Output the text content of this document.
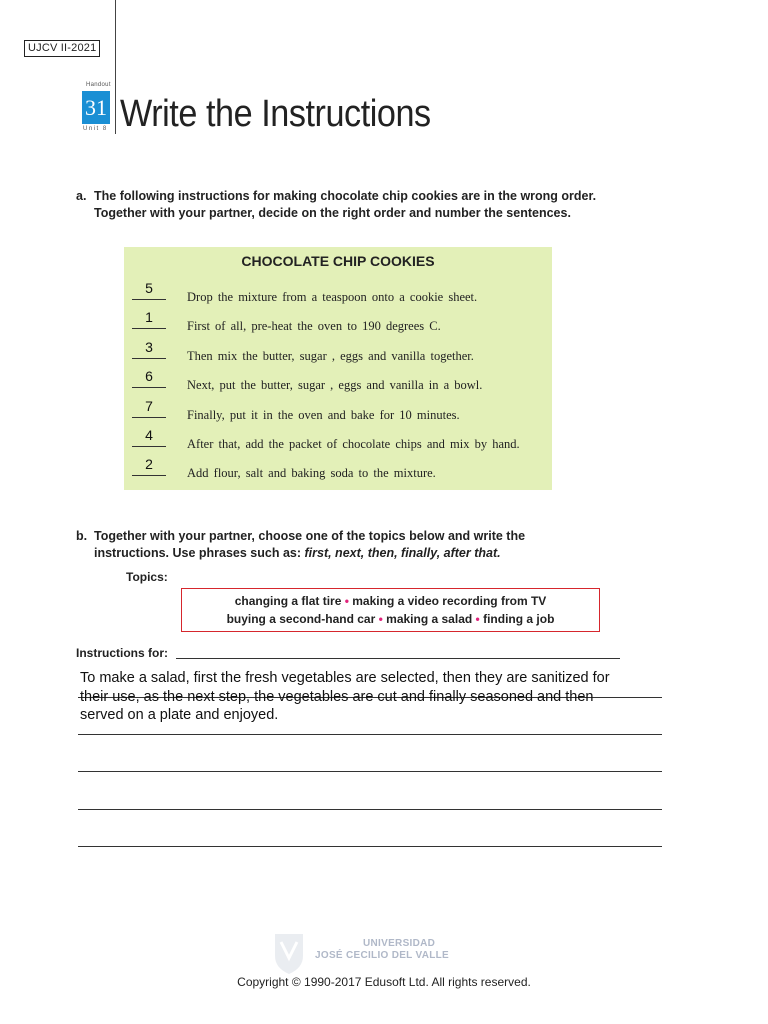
UJCV II-2021
Handout
31
Unit 8 Write the Instructions
a. The following instructions for making chocolate chip cookies are in the wrong order.
Together with your partner, decide on the right order and number the sentences.
CHOCOLATE CHIP COOKIES
5
Drop the mixture from a teaspoon onto a cookie sheet.
1
First of all, pre-heat the oven to 190 degrees C.
3
Then mix the butter, sugar , eggs and vanilla together.
6
Next, put the butter, sugar , eggs and vanilla in a bowl.
7
Finally, put it in the oven and bake for 10 minutes.
4
After that, add the packet of chocolate chips and mix by hand.
2
Add flour, salt and baking soda to the mixture.
b. Together with your partner, choose one of the topics below and write the
instructions. Use phrases such as: first, next, then, finally, after that.
Topics:
changing a flat tire • making a video recording from TV
buying a second-hand car • making a salad • finding a job
Instructions for:
To make a salad, first the fresh vegetables are selected, then they are sanitized for their use, as the next step, the vegetables are cut and finally seasoned and then served on a plate and enjoyed.
UNIVERSIDAD
JOSÉ CECILIO DEL VALLE
Copyright © 1990-2017 Edusoft Ltd. All rights reserved.
